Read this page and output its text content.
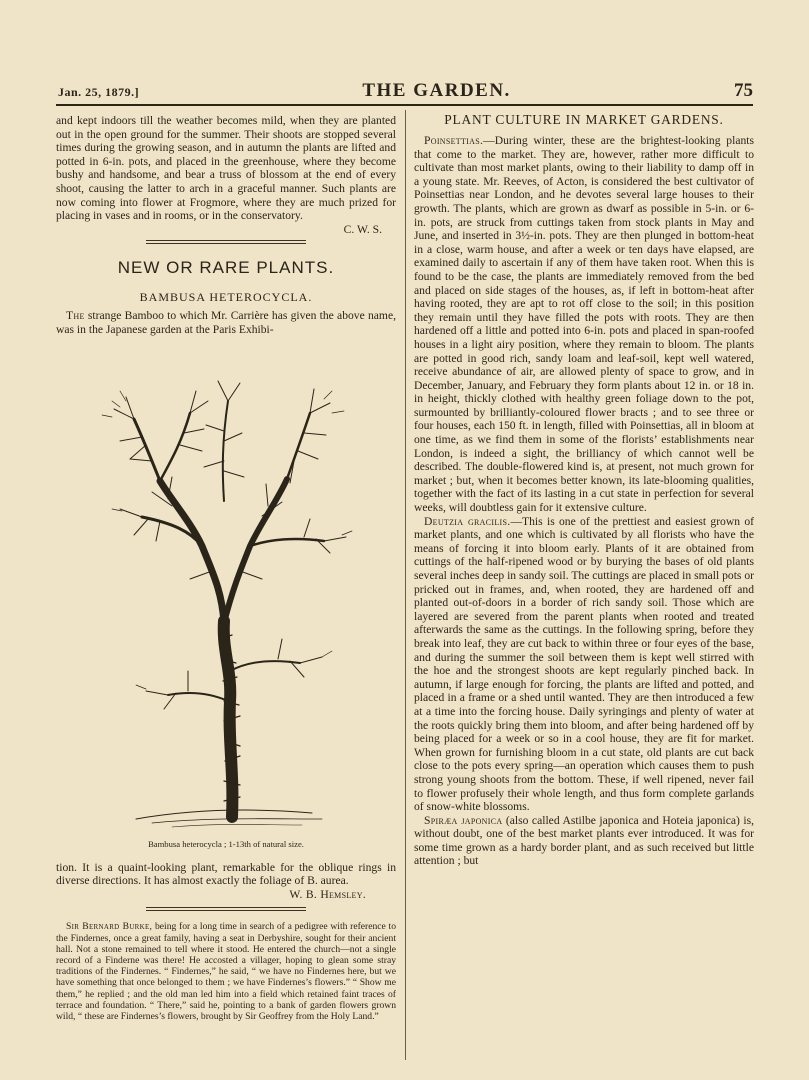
Jan. 25, 1879.]	THE GARDEN.	75

and kept indoors till the weather becomes mild, when they are planted out in the open ground for the summer. Their shoots are stopped several times during the growing season, and in autumn the plants are lifted and potted in 6-in. pots, and placed in the greenhouse, where they become bushy and handsome, and bear a truss of blossom at the end of every shoot, causing the latter to arch in a graceful manner. Such plants are now coming into flower at Frogmore, where they are much prized for placing in vases and in rooms, or in the conservatory.

C. W. S.
NEW OR RARE PLANTS.
BAMBUSA HETEROCYCLA.

The strange Bamboo to which Mr. Carrière has given the above name, was in the Japanese garden at the Paris Exhibi-

Bambusa heterocycla ; 1-13th of natural size.

tion. It is a quaint-looking plant, remarkable for the oblique rings in diverse directions. It has almost exactly the foliage of B. aurea.

W. B. Hemsley.

Sir Bernard Burke, being for a long time in search of a pedigree with reference to the Findernes, once a great family, having a seat in Derbyshire, sought for their ancient hall. Not a stone remained to tell where it stood. He entered the church—not a single record of a Finderne was there! He accosted a villager, hoping to glean some stray traditions of the Findernes. “ Findernes,” he said, “ we have no Findernes here, but we have something that once belonged to them ; we have Findernes’s flowers.” “ Show me them,” he replied ; and the old man led him into a field which retained faint traces of terrace and foundation. “ There,” said he, pointing to a bank of garden flowers grown wild, “ these are Findernes’s flowers, brought by Sir Geoffrey from the Holy Land.”

PLANT CULTURE IN MARKET GARDENS.

Poinsettias.—During winter, these are the brightest-looking plants that come to the market. They are, however, rather more difficult to cultivate than most market plants, owing to their liability to damp off in a young state. Mr. Reeves, of Acton, is considered the best cultivator of Poinsettias near London, and he devotes several large houses to their growth. The plants, which are grown as dwarf as possible in 5-in. or 6-in. pots, are struck from cuttings taken from stock plants in May and June, and inserted in 3½-in. pots. They are then plunged in bottom-heat in a close, warm house, and after a week or ten days have elapsed, are examined daily to ascertain if any of them have taken root. When this is found to be the case, the plants are immediately removed from the bed and placed on side stages of the houses, as, if left in bottom-heat after having rooted, they are apt to rot off close to the soil; in this position they remain until they have filled the pots with roots. They are then hardened off a little and potted into 6-in. pots and placed in span-roofed houses in a light airy position, where they remain to bloom. The plants are potted in good rich, sandy loam and leaf-soil, kept well watered, receive abundance of air, are allowed plenty of space to grow, and in December, January, and February they form plants about 12 in. or 18 in. in height, thickly clothed with healthy green foliage down to the pot, surmounted by brilliantly-coloured flower bracts ; and to see three or four houses, each 150 ft. in length, filled with Poinsettias, all in bloom at one time, as we find them in some of the florists’ establishments near London, is indeed a sight, the brilliancy of which cannot well be described. The double-flowered kind is, at present, not much grown for market ; but, when it becomes better known, its late-blooming qualities, together with the fact of its lasting in a cut state in perfection for several weeks, will doubtless gain for it extensive culture.

Deutzia gracilis.—This is one of the prettiest and easiest grown of market plants, and one which is cultivated by all florists who have the means of forcing it into bloom early. Plants of it are obtained from cuttings of the half-ripened wood or by burying the bases of old plants several inches deep in sandy soil. The cuttings are placed in small pots or pricked out in frames, and, when rooted, they are hardened off and planted out-of-doors in a border of rich sandy soil. Those which are layered are severed from the parent plants when rooted and treated afterwards the same as the cuttings. In the following spring, before they break into leaf, they are cut back to within three or four eyes of the base, and during the summer the soil between them is kept well stirred with the hoe and the strongest shoots are kept regularly pinched back. In autumn, if large enough for forcing, the plants are lifted and potted, and placed in a frame or a shed until wanted. They are then introduced a few at a time into the forcing house. Daily syringings and plenty of water at the roots quickly bring them into bloom, and after being hardened off by being placed for a week or so in a cool house, they are fit for market. When grown for furnishing bloom in a cut state, old plants are cut back close to the pots every spring—an operation which causes them to push strong young shoots from the bottom. These, if well ripened, never fail to flower profusely their whole length, and thus form complete garlands of snow-white blossoms.

Spiræa japonica (also called Astilbe japonica and Hoteia japonica) is, without doubt, one of the best market plants ever introduced. It was for some time grown as a hardy border plant, and as such received but little attention ; but
